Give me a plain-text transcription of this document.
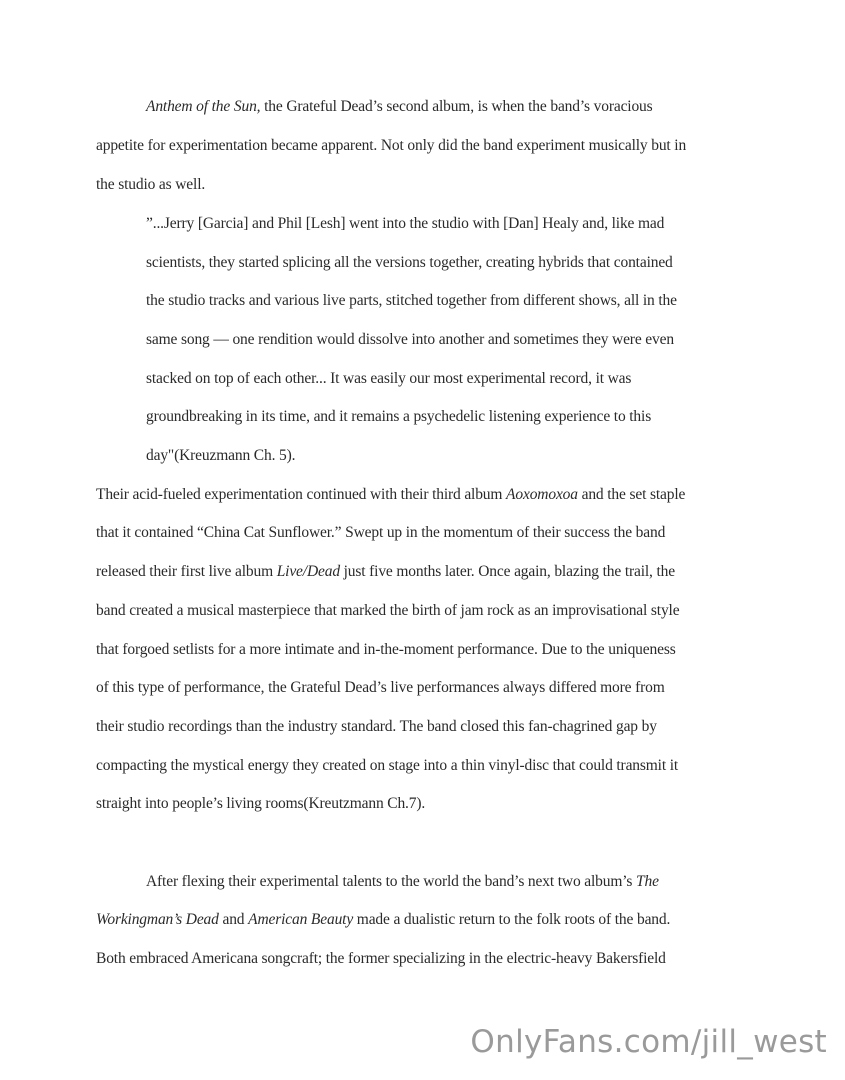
Anthem of the Sun, the Grateful Dead’s second album, is when the band’s voracious
appetite for experimentation became apparent. Not only did the band experiment musically but in
the studio as well.
”...Jerry [Garcia] and Phil [Lesh] went into the studio with [Dan] Healy and, like mad
scientists, they started splicing all the versions together, creating hybrids that contained
the studio tracks and various live parts, stitched together from different shows, all in the
same song — one rendition would dissolve into another and sometimes they were even
stacked on top of each other... It was easily our most experimental record, it was
groundbreaking in its time, and it remains a psychedelic listening experience to this
day"(Kreuzmann Ch. 5).
Their acid-fueled experimentation continued with their third album Aoxomoxoa and the set staple
that it contained “China Cat Sunflower.” Swept up in the momentum of their success the band
released their first live album Live/Dead just five months later. Once again, blazing the trail, the
band created a musical masterpiece that marked the birth of jam rock as an improvisational style
that forgoed setlists for a more intimate and in-the-moment performance. Due to the uniqueness
of this type of performance, the Grateful Dead’s live performances always differed more from
their studio recordings than the industry standard. The band closed this fan-chagrined gap by
compacting the mystical energy they created on stage into a thin vinyl-disc that could transmit it
straight into people’s living rooms(Kreutzmann Ch.7).
After flexing their experimental talents to the world the band’s next two album’s The
Workingman’s Dead and American Beauty made a dualistic return to the folk roots of the band.
Both embraced Americana songcraft; the former specializing in the electric-heavy Bakersfield
OnlyFans.com/jill_west
